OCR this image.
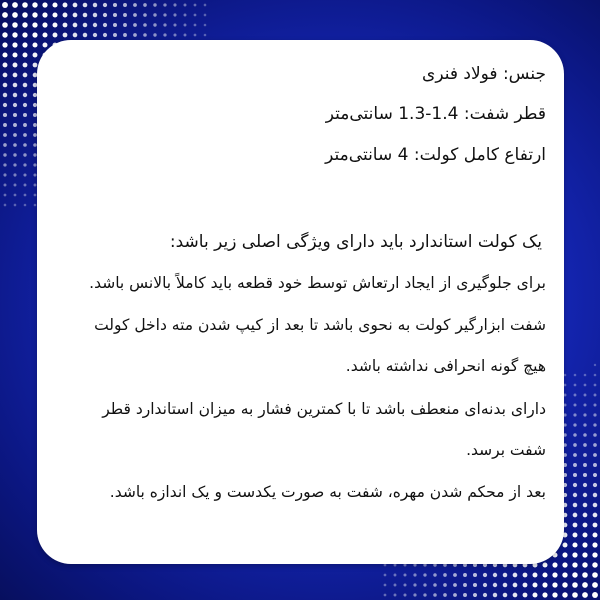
جنس: فولاد فنری
قطر شفت: 1.4-1.3 سانتی‌متر
ارتفاع کامل کولت: 4 سانتی‌متر
یک کولت استاندارد باید دارای ویژگی اصلی زیر باشد:
برای جلوگیری از ایجاد ارتعاش توسط خود قطعه باید کاملاً بالانس باشد.
شفت ابزارگیر کولت به نحوی باشد تا بعد از کیپ شدن مته داخل کولت
هیچ گونه انحرافی نداشته باشد.
دارای بدنه‌ای منعطف باشد تا با کمترین فشار به میزان استاندارد قطر
شفت برسد.
بعد از محکم شدن مهره، شفت به صورت یکدست و یک اندازه باشد.
